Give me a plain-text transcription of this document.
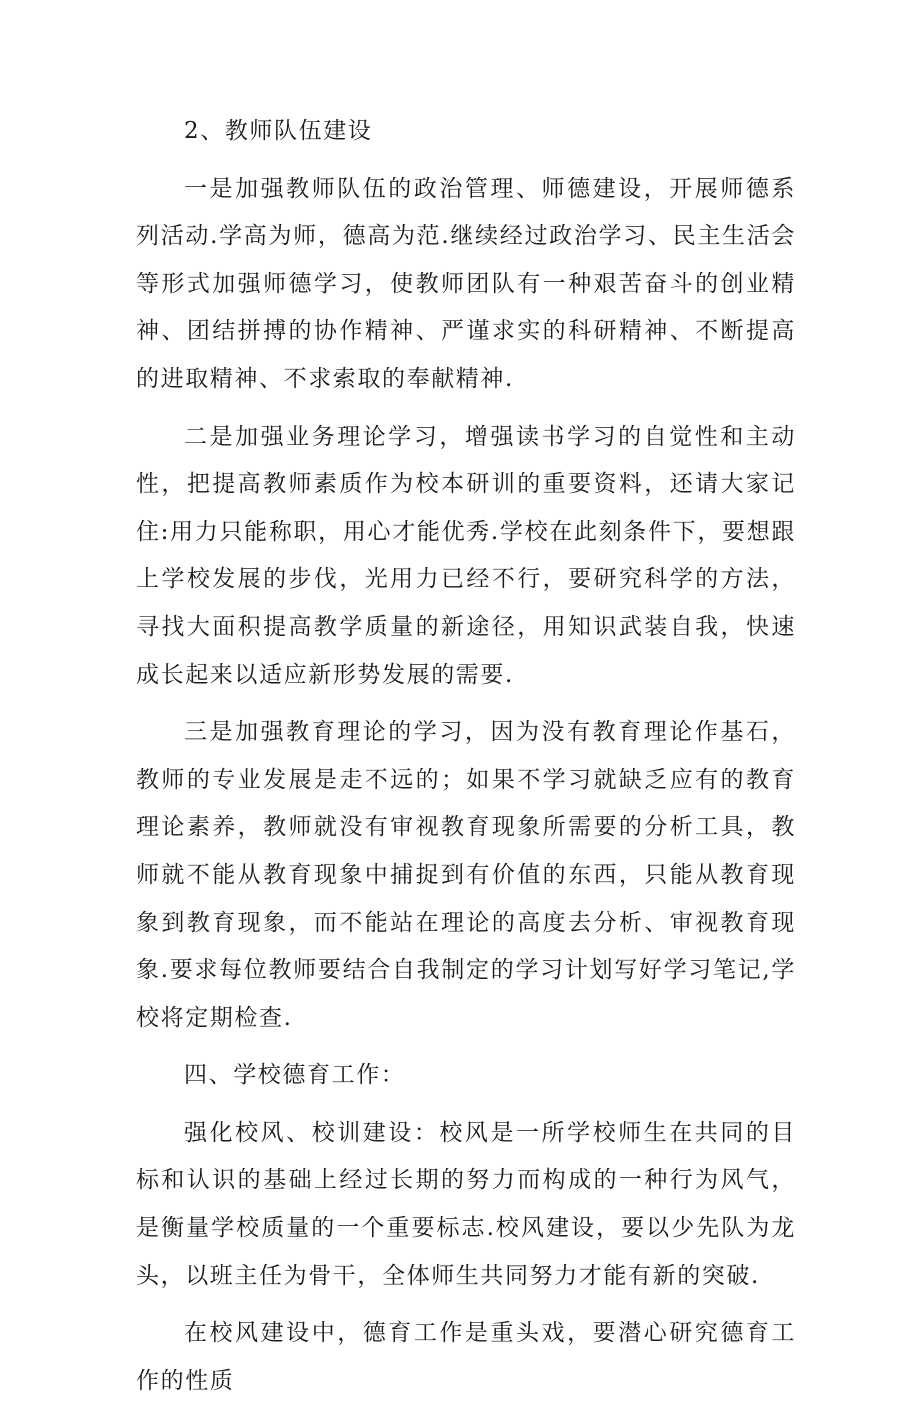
2、教师队伍建设

一是加强教师队伍的政治管理、师德建设，开展师德系列活动.学高为师，德高为范.继续经过政治学习、民主生活会等形式加强师德学习，使教师团队有一种艰苦奋斗的创业精神、团结拼搏的协作精神、严谨求实的科研精神、不断提高的进取精神、不求索取的奉献精神.

二是加强业务理论学习，增强读书学习的自觉性和主动性，把提高教师素质作为校本研训的重要资料，还请大家记住:用力只能称职，用心才能优秀.学校在此刻条件下，要想跟上学校发展的步伐，光用力已经不行，要研究科学的方法，寻找大面积提高教学质量的新途径，用知识武装自我，快速成长起来以适应新形势发展的需要.

三是加强教育理论的学习，因为没有教育理论作基石，教师的专业发展是走不远的；如果不学习就缺乏应有的教育理论素养，教师就没有审视教育现象所需要的分析工具，教师就不能从教育现象中捕捉到有价值的东西，只能从教育现象到教育现象，而不能站在理论的高度去分析、审视教育现象.要求每位教师要结合自我制定的学习计划写好学习笔记,学校将定期检查.

四、学校德育工作：

强化校风、校训建设：校风是一所学校师生在共同的目标和认识的基础上经过长期的努力而构成的一种行为风气，是衡量学校质量的一个重要标志.校风建设，要以少先队为龙头，以班主任为骨干，全体师生共同努力才能有新的突破.

在校风建设中，德育工作是重头戏，要潜心研究德育工作的性质
